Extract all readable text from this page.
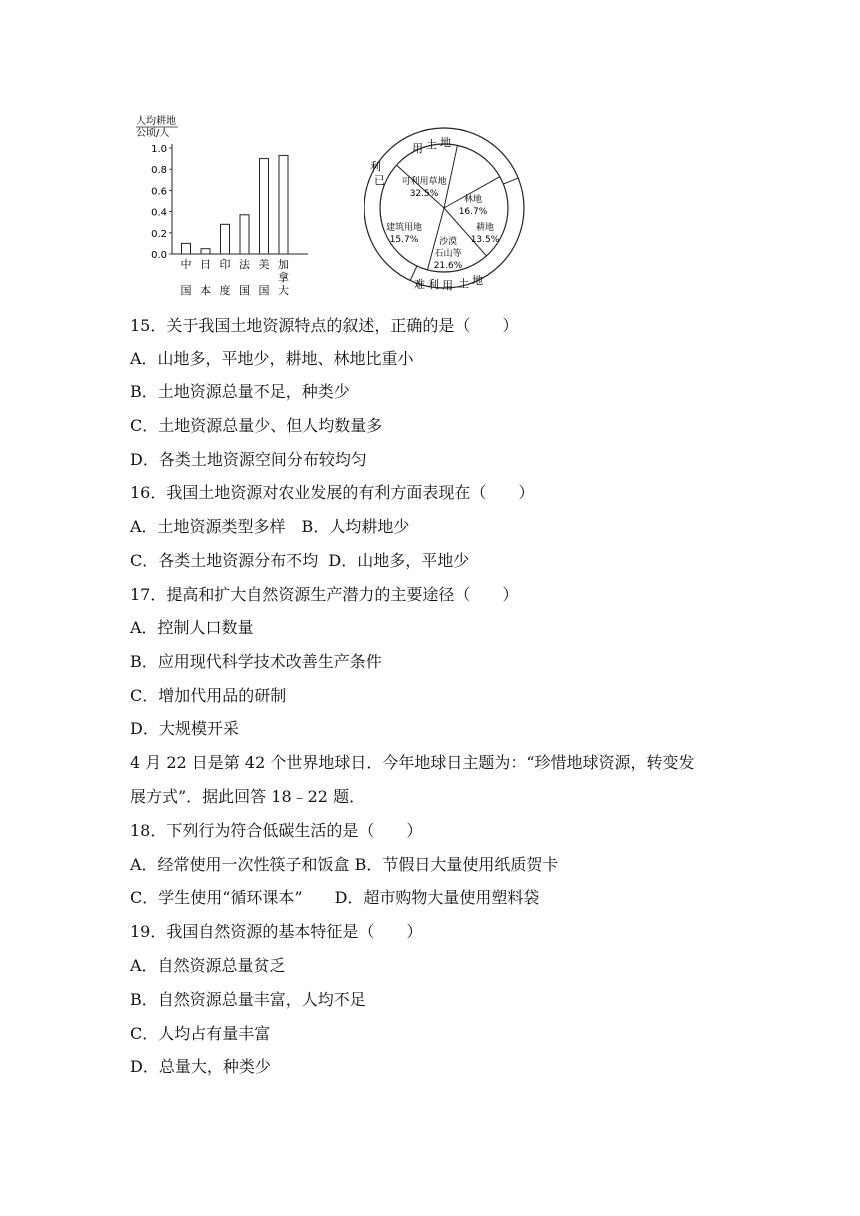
人均耕地
公顷/人
0.0
0.2
0.4
0.6
0.8
1.0
中
国
日
本
印
度
法
国
美
国
加
拿
大
可利用草地
32.5%
林地
16.7%
耕地
13.5%
沙漠
石山等
21.6%
建筑用地
15.7%
利
用 土 地
已
难 利 用 土 地
15．关于我国土地资源特点的叙述，正确的是（　　）
A．山地多，平地少，耕地、林地比重小
B．土地资源总量不足，种类少
C．土地资源总量少、但人均数量多
D．各类土地资源空间分布较均匀
16．我国土地资源对农业发展的有利方面表现在（　　）
A．土地资源类型多样　B．人均耕地少
C．各类土地资源分布不均  D．山地多，平地少
17．提高和扩大自然资源生产潜力的主要途径（　　）
A．控制人口数量
B．应用现代科学技术改善生产条件
C．增加代用品的研制
D．大规模开采
4 月 22 日是第 42 个世界地球日．今年地球日主题为：“珍惜地球资源，转变发
展方式”．据此回答 18﹣22 题．
18．下列行为符合低碳生活的是（　　）
A．经常使用一次性筷子和饭盒 B．节假日大量使用纸质贺卡
C．学生使用“循环课本”　　D．超市购物大量使用塑料袋
19．我国自然资源的基本特征是（　　）
A．自然资源总量贫乏
B．自然资源总量丰富，人均不足
C．人均占有量丰富
D．总量大，种类少
